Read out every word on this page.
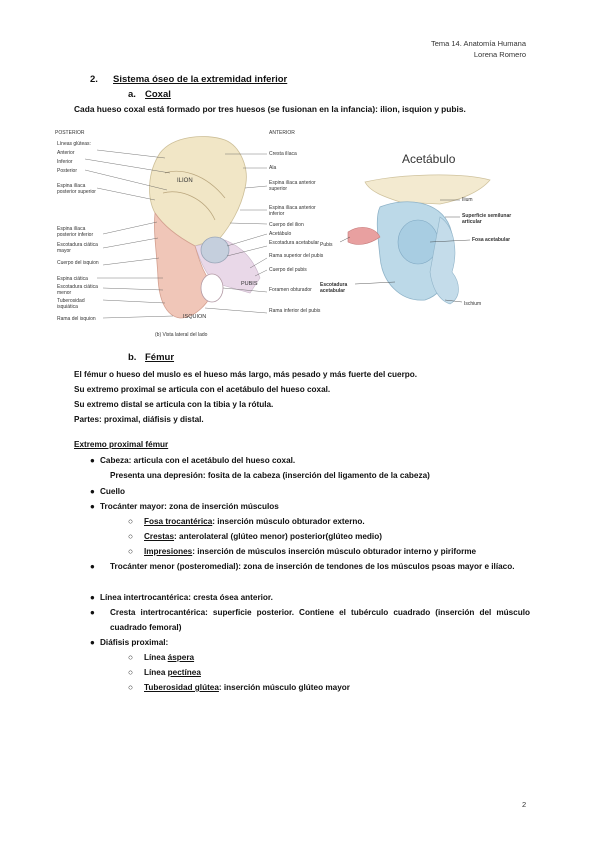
Tema 14. Anatomía Humana
Lorena Romero
2. Sistema óseo de la extremidad inferior
a. Coxal
Cada hueso coxal está formado por tres huesos (se fusionan en la infancia): ilion, isquion y pubis.
POSTERIOR	ANTERIOR
ILION
PUBIS
ISQUION
Líneas glúteas:
Anterior
Inferior
Posterior
Espina ilíaca posterior superior
Espina ilíaca posterior inferior
Escotadura ciática mayor
Cuerpo del isquion
Espina ciática
Escotadura ciática menor
Tuberosidad isquiática
Rama del isquion
Cresta ilíaca
Ala
Espina ilíaca anterior superior
Espina ilíaca anterior inferior
Cuerpo del ilion
Acetábulo
Escotadura acetabular
Rama superior del pubis
Cuerpo del pubis
Foramen obturador
Rama inferior del pubis
(b) Vista lateral del lado
Acetábulo
Ilium
Superficie semilunar articular
Fosa acetabular
Pubis
Escotadura acetabular
Ischium
b. Fémur
El fémur o hueso del muslo es el hueso más largo, más pesado y más fuerte del cuerpo.
Su extremo proximal se articula con el acetábulo del hueso coxal.
Su extremo distal se articula con la tibia y la rótula.
Partes: proximal, diáfisis y distal.
Extremo proximal fémur
● Cabeza: articula con el acetábulo del hueso coxal.
Presenta una depresión: fosita de la cabeza (inserción del ligamento de la cabeza)
● Cuello
● Trocánter mayor: zona de inserción músculos
○ Fosa trocantérica: inserción músculo obturador externo.
○ Crestas: anterolateral (glúteo menor) posterior(glúteo medio)
○ Impresiones: inserción de músculos inserción músculo obturador interno y piriforme
●	Trocánter menor (posteromedial): zona de inserción de tendones de los músculos psoas mayor e ilíaco.
● Línea intertrocantérica: cresta ósea anterior.
●	Cresta intertrocantérica: superficie posterior. Contiene el tubérculo cuadrado (inserción del músculo cuadrado femoral)
● Diáfisis proximal:
○ Línea áspera
○ Línea pectínea
○ Tuberosidad glútea: inserción músculo glúteo mayor
2
